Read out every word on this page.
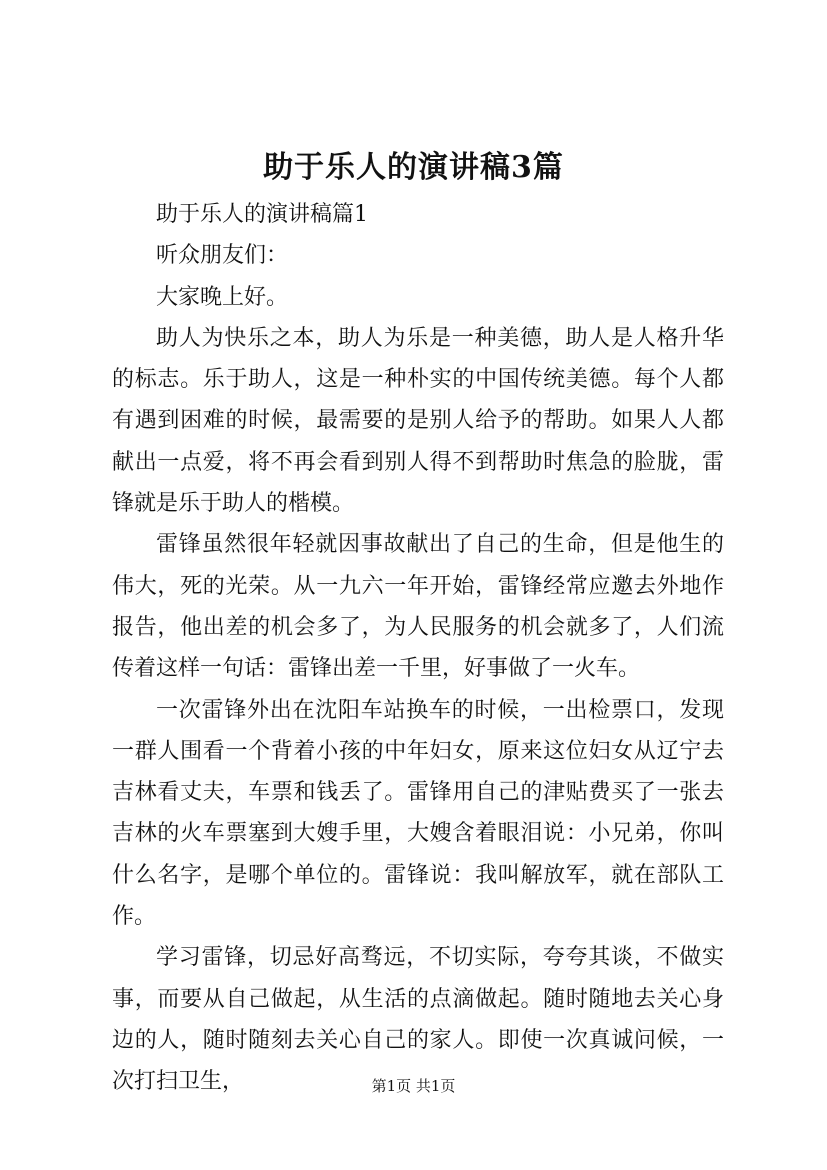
助于乐人的演讲稿3篇

助于乐人的演讲稿篇1

听众朋友们：

大家晚上好。

助人为快乐之本，助人为乐是一种美德，助人是人格升华的标志。乐于助人，这是一种朴实的中国传统美德。每个人都有遇到困难的时候，最需要的是别人给予的帮助。如果人人都献出一点爱，将不再会看到别人得不到帮助时焦急的脸胧，雷锋就是乐于助人的楷模。

雷锋虽然很年轻就因事故献出了自己的生命，但是他生的伟大，死的光荣。从一九六一年开始，雷锋经常应邀去外地作报告，他出差的机会多了，为人民服务的机会就多了，人们流传着这样一句话：雷锋出差一千里，好事做了一火车。

一次雷锋外出在沈阳车站换车的时候，一出检票口，发现一群人围看一个背着小孩的中年妇女，原来这位妇女从辽宁去吉林看丈夫，车票和钱丢了。雷锋用自己的津贴费买了一张去吉林的火车票塞到大嫂手里，大嫂含着眼泪说：小兄弟，你叫什么名字，是哪个单位的。雷锋说：我叫解放军，就在部队工作。

学习雷锋，切忌好高骛远，不切实际，夸夸其谈，不做实事，而要从自己做起，从生活的点滴做起。随时随地去关心身边的人，随时随刻去关心自己的家人。即使一次真诚问候，一次打扫卫生，	第1页 共1页
